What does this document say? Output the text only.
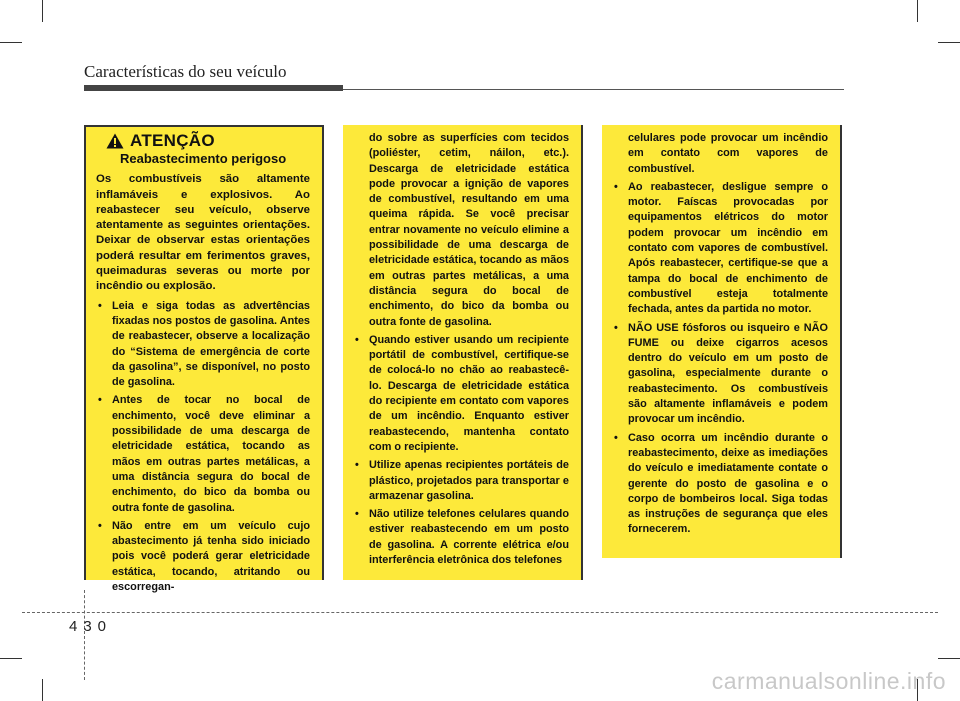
Características do seu veículo
ATENÇÃO
Reabastecimento perigoso

Os combustíveis são altamente inflamáveis e explosivos. Ao reabastecer seu veículo, observe atentamente as seguintes orientações. Deixar de observar estas orientações poderá resultar em ferimentos graves, queimaduras severas ou morte por incêndio ou explosão.

• Leia e siga todas as advertências fixadas nos postos de gasolina. Antes de reabastecer, observe a localização do “Sistema de emergência de corte da gasolina”, se disponível, no posto de gasolina.
• Antes de tocar no bocal de enchimento, você deve eliminar a possibilidade de uma descarga de eletricidade estática, tocando as mãos em outras partes metálicas, a uma distância segura do bocal de enchimento, do bico da bomba ou outra fonte de gasolina.
• Não entre em um veículo cujo abastecimento já tenha sido iniciado pois você poderá gerar eletricidade estática, tocando, atritando ou escorregan-
do sobre as superfícies com tecidos (poliéster, cetim, náilon, etc.). Descarga de eletricidade estática pode provocar a ignição de vapores de combustível, resultando em uma queima rápida. Se você precisar entrar novamente no veículo elimine a possibilidade de uma descarga de eletricidade estática, tocando as mãos em outras partes metálicas, a uma distância segura do bocal de enchimento, do bico da bomba ou outra fonte de gasolina.
• Quando estiver usando um recipiente portátil de combustível, certifique-se de colocá-lo no chão ao reabastecê-lo. Descarga de eletricidade estática do recipiente em contato com vapores de um incêndio. Enquanto estiver reabastecendo, mantenha contato com o recipiente.
• Utilize apenas recipientes portáteis de plástico, projetados para transportar e armazenar gasolina.
• Não utilize telefones celulares quando estiver reabastecendo em um posto de gasolina. A corrente elétrica e/ou interferência eletrônica dos telefones
celulares pode provocar um incêndio em contato com vapores de combustível.
• Ao reabastecer, desligue sempre o motor. Faíscas provocadas por equipamentos elétricos do motor podem provocar um incêndio em contato com vapores de combustível. Após reabastecer, certifique-se que a tampa do bocal de enchimento de combustível esteja totalmente fechada, antes da partida no motor.
• NÃO USE fósforos ou isqueiro e NÃO FUME ou deixe cigarros acesos dentro do veículo em um posto de gasolina, especialmente durante o reabastecimento. Os combustíveis são altamente inflamáveis e podem provocar um incêndio.
• Caso ocorra um incêndio durante o reabastecimento, deixe as imediações do veículo e imediatamente contate o gerente do posto de gasolina e o corpo de bombeiros local. Siga todas as instruções de segurança que eles fornecerem.
430
carmanualsonline.info
